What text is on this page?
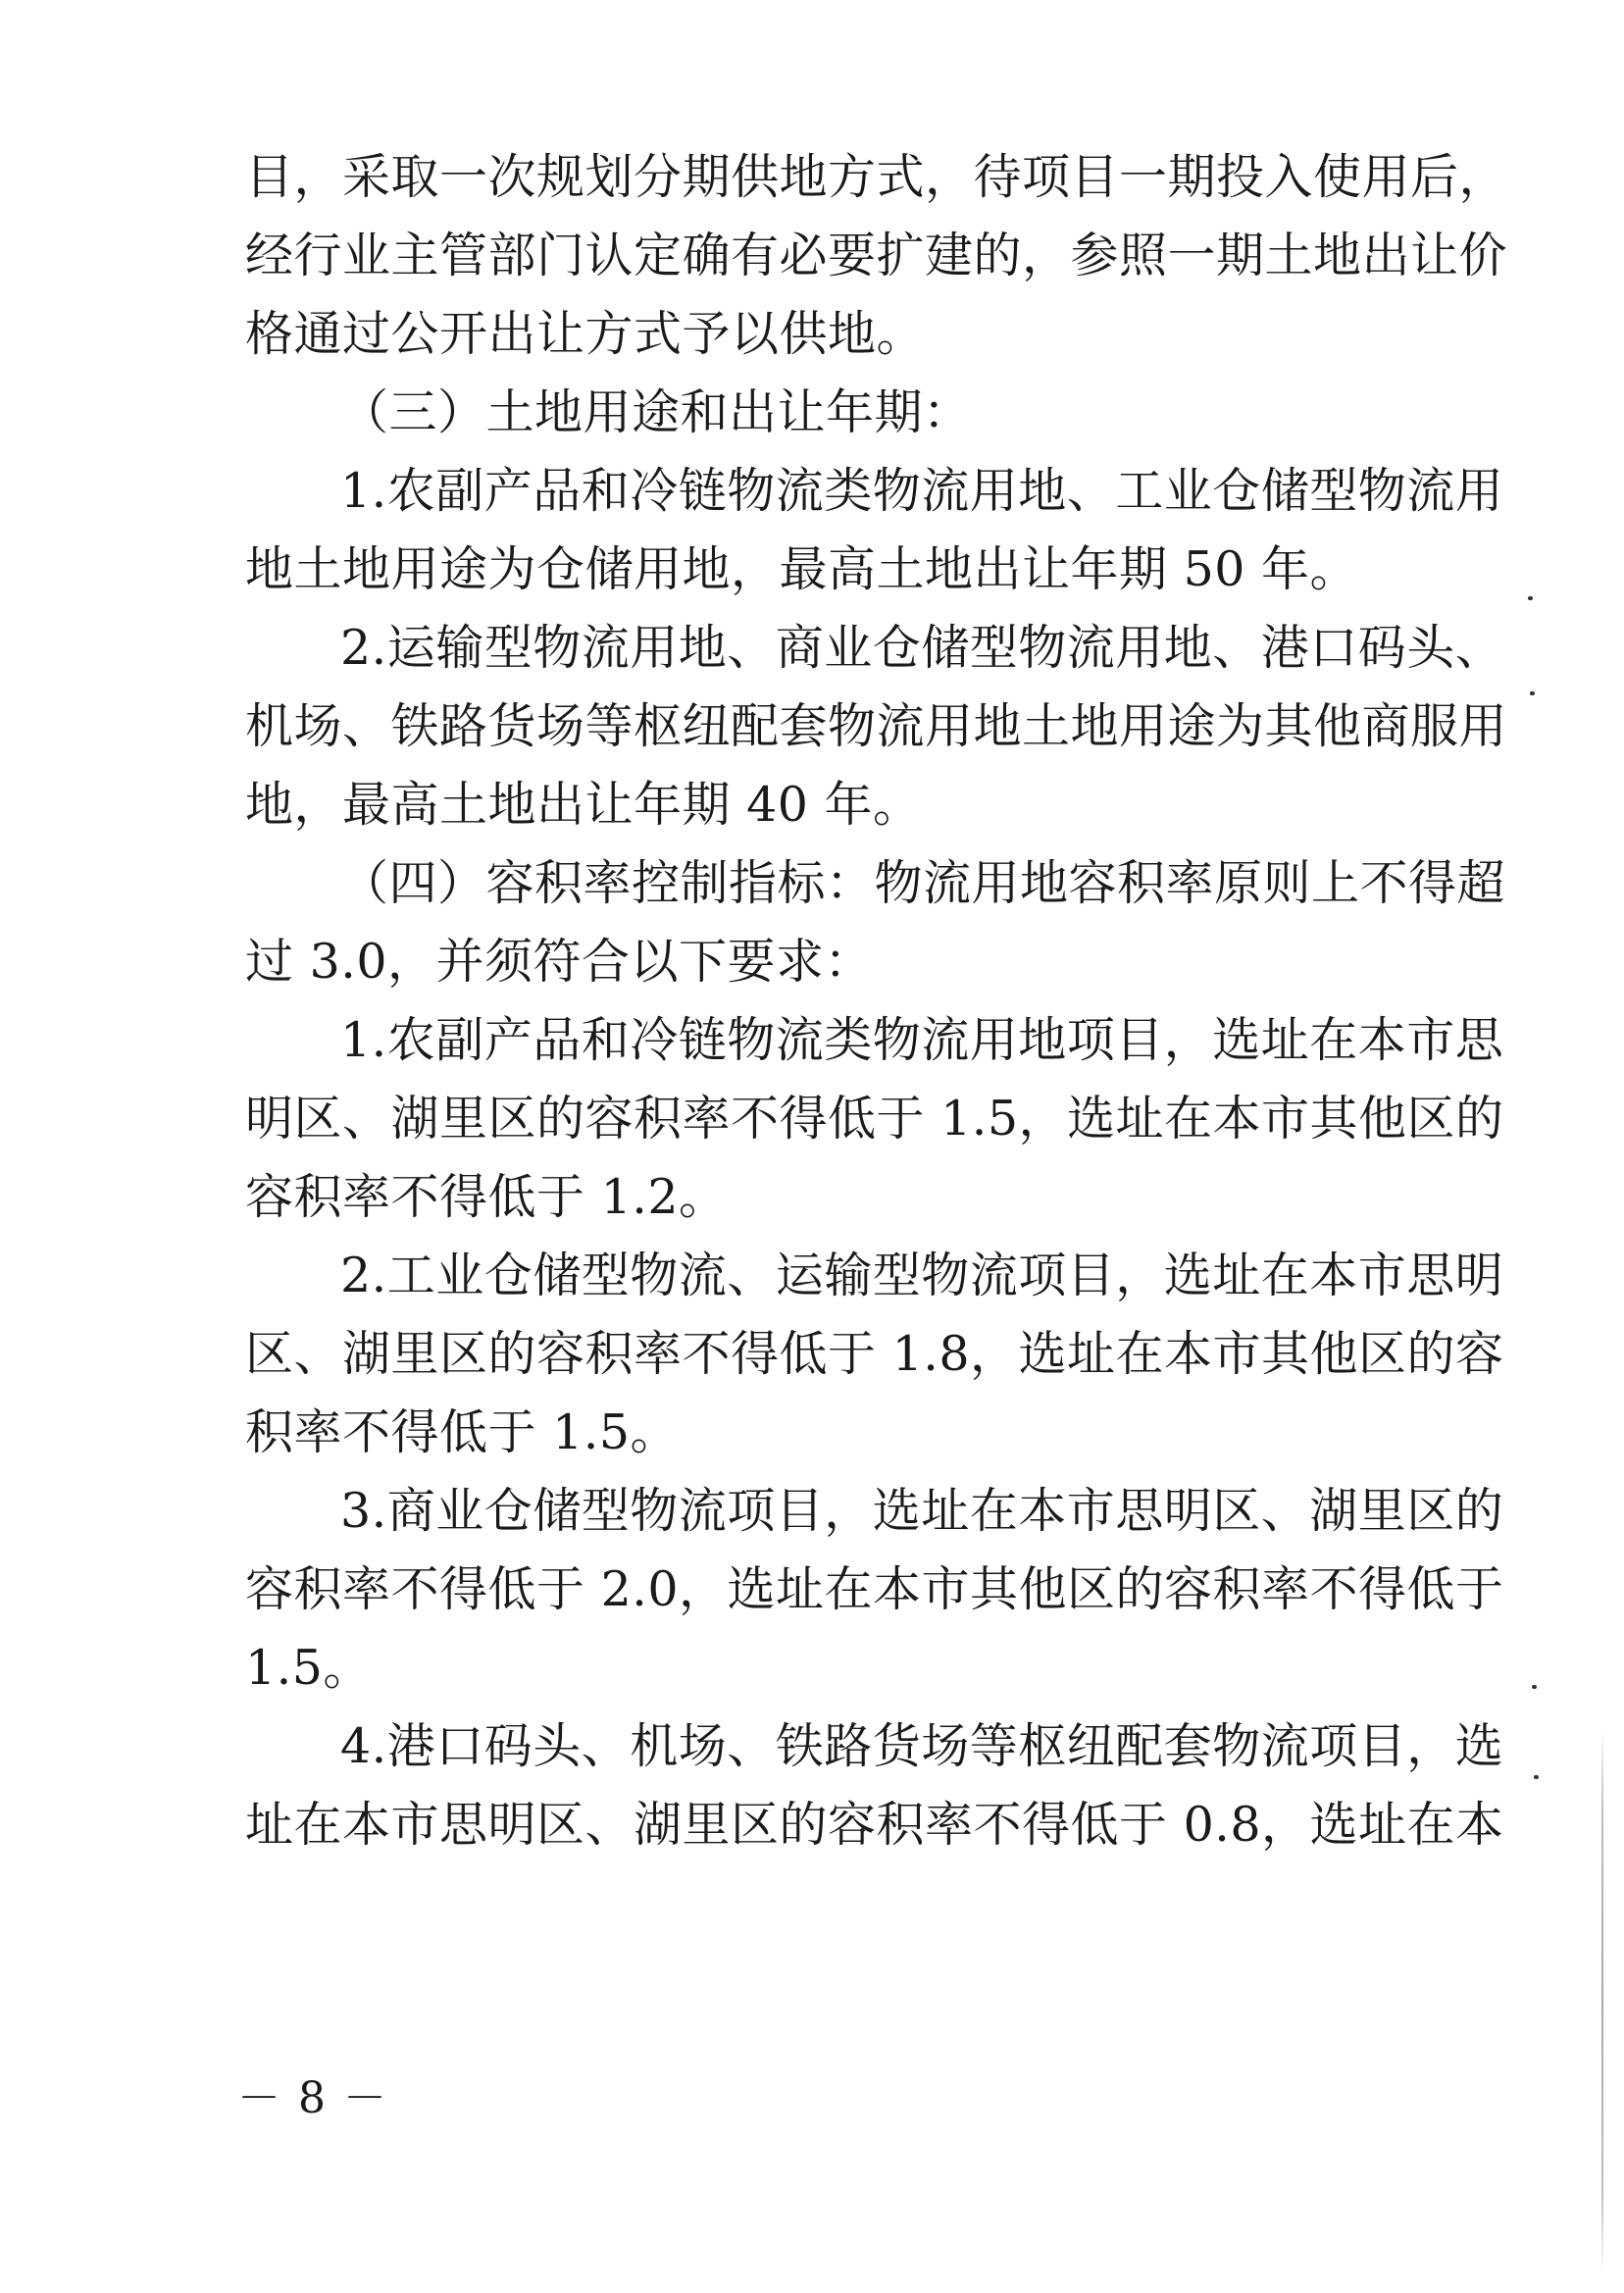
目，采取一次规划分期供地方式，待项目一期投入使用后，
经行业主管部门认定确有必要扩建的，参照一期土地出让价
格通过公开出让方式予以供地。
（三）土地用途和出让年期：
1.农副产品和冷链物流类物流用地、工业仓储型物流用
地土地用途为仓储用地，最高土地出让年期 50 年。
2.运输型物流用地、商业仓储型物流用地、港口码头、
机场、铁路货场等枢纽配套物流用地土地用途为其他商服用
地，最高土地出让年期 40 年。
（四）容积率控制指标：物流用地容积率原则上不得超
过 3.0，并须符合以下要求：
1.农副产品和冷链物流类物流用地项目，选址在本市思
明区、湖里区的容积率不得低于 1.5，选址在本市其他区的
容积率不得低于 1.2。
2.工业仓储型物流、运输型物流项目，选址在本市思明
区、湖里区的容积率不得低于 1.8，选址在本市其他区的容
积率不得低于 1.5。
3.商业仓储型物流项目，选址在本市思明区、湖里区的
容积率不得低于 2.0，选址在本市其他区的容积率不得低于
1.5。
4.港口码头、机场、铁路货场等枢纽配套物流项目，选
址在本市思明区、湖里区的容积率不得低于 0.8，选址在本
－ 8 －
